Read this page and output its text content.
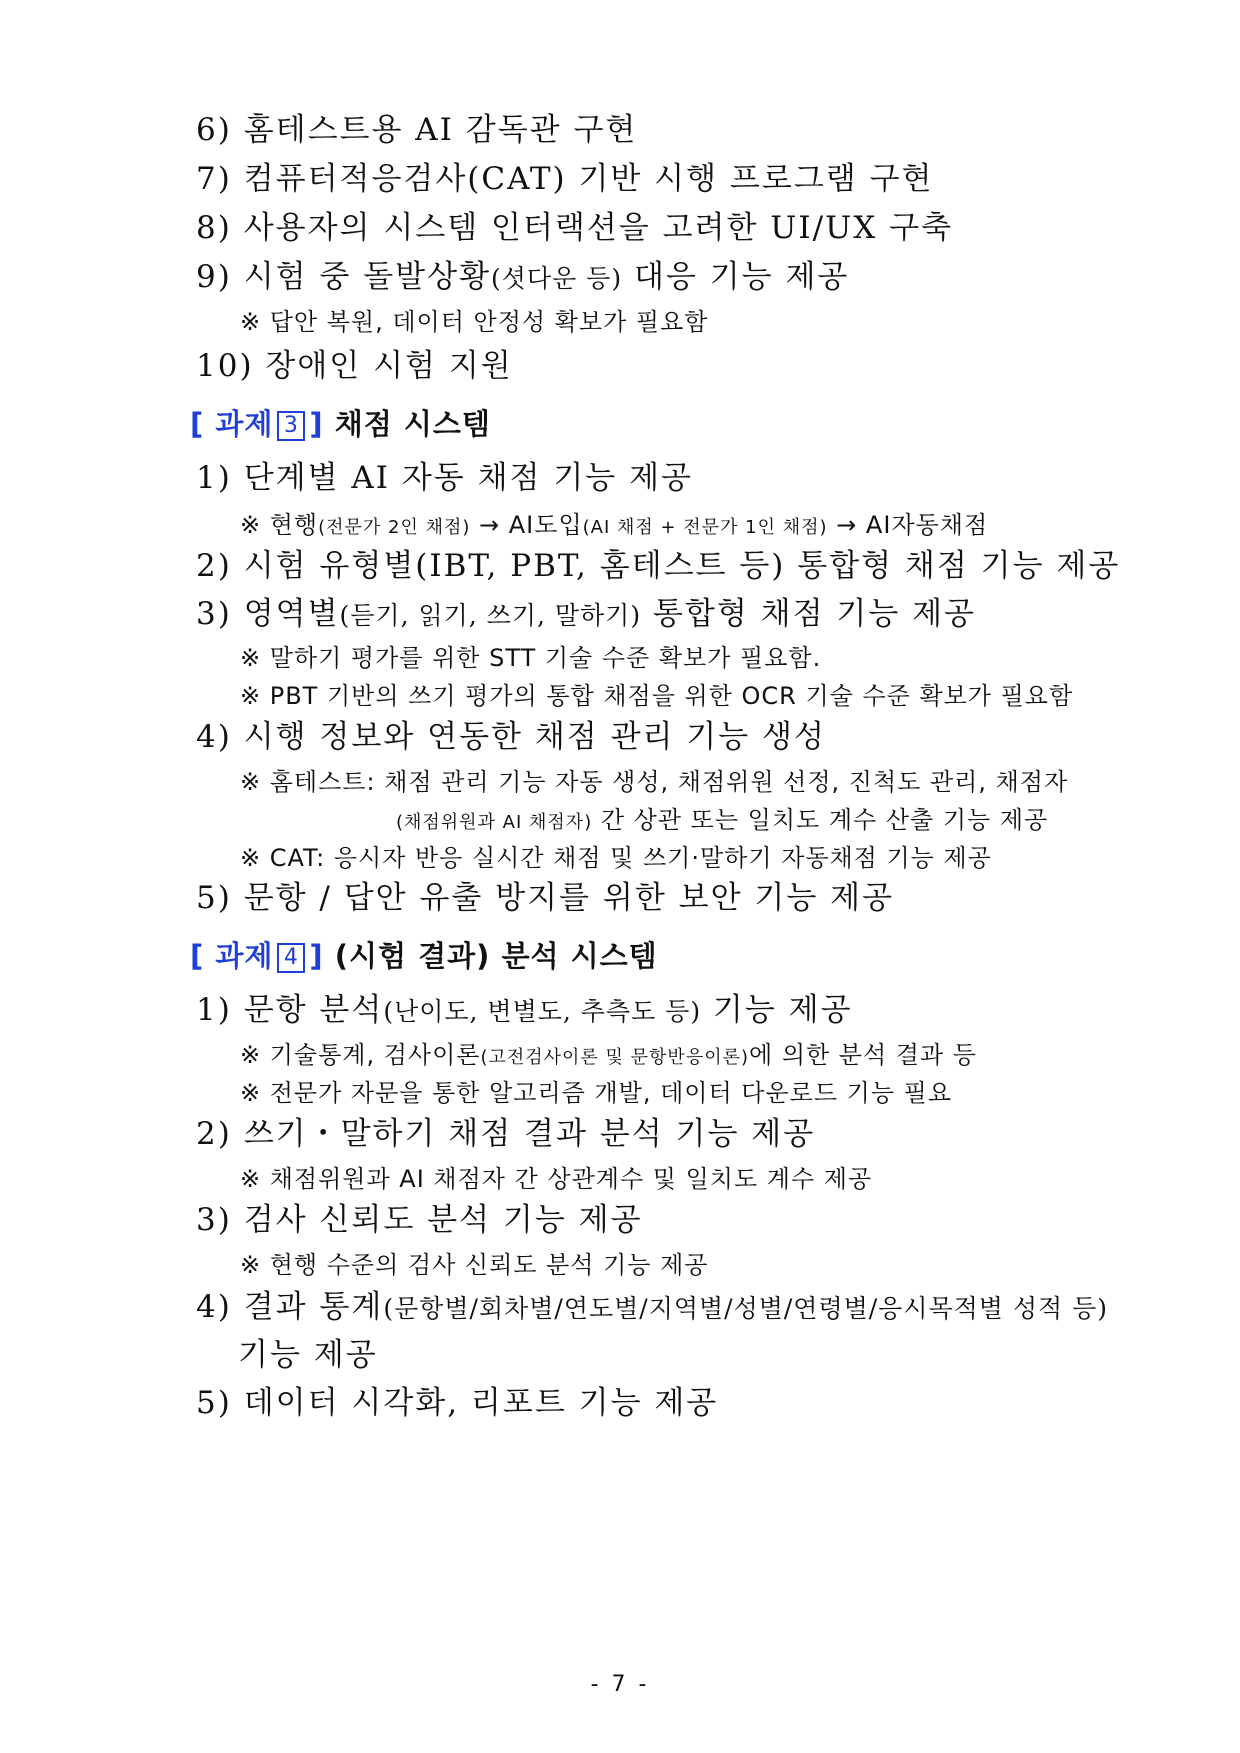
6) 홈테스트용 AI 감독관 구현
7) 컴퓨터적응검사(CAT) 기반 시행 프로그램 구현
8) 사용자의 시스템 인터랙션을 고려한 UI/UX 구축
9) 시험 중 돌발상황(셧다운 등) 대응 기능 제공
※ 답안 복원, 데이터 안정성 확보가 필요함
10) 장애인 시험 지원
[ 과제 3 ] 채점 시스템
1) 단계별 AI 자동 채점 기능 제공
※ 현행(전문가 2인 채점) → AI도입(AI 채점 + 전문가 1인 채점) → AI자동채점
2) 시험 유형별(IBT, PBT, 홈테스트 등) 통합형 채점 기능 제공
3) 영역별(듣기, 읽기, 쓰기, 말하기) 통합형 채점 기능 제공
※ 말하기 평가를 위한 STT 기술 수준 확보가 필요함.
※ PBT 기반의 쓰기 평가의 통합 채점을 위한 OCR 기술 수준 확보가 필요함
4) 시행 정보와 연동한 채점 관리 기능 생성
※ 홈테스트: 채점 관리 기능 자동 생성, 채점위원 선정, 진척도 관리, 채점자
(채점위원과 AI 채점자) 간 상관 또는 일치도 계수 산출 기능 제공
※ CAT: 응시자 반응 실시간 채점 및 쓰기·말하기 자동채점 기능 제공
5) 문항 / 답안 유출 방지를 위한 보안 기능 제공
[ 과제 4 ] (시험 결과) 분석 시스템
1) 문항 분석(난이도, 변별도, 추측도 등) 기능 제공
※ 기술통계, 검사이론(고전검사이론 및 문항반응이론)에 의한 분석 결과 등
※ 전문가 자문을 통한 알고리즘 개발, 데이터 다운로드 기능 필요
2) 쓰기・말하기 채점 결과 분석 기능 제공
※ 채점위원과 AI 채점자 간 상관계수 및 일치도 계수 제공
3) 검사 신뢰도 분석 기능 제공
※ 현행 수준의 검사 신뢰도 분석 기능 제공
4) 결과 통계(문항별/회차별/연도별/지역별/성별/연령별/응시목적별 성적 등)
기능 제공
5) 데이터 시각화, 리포트 기능 제공
- 7 -
